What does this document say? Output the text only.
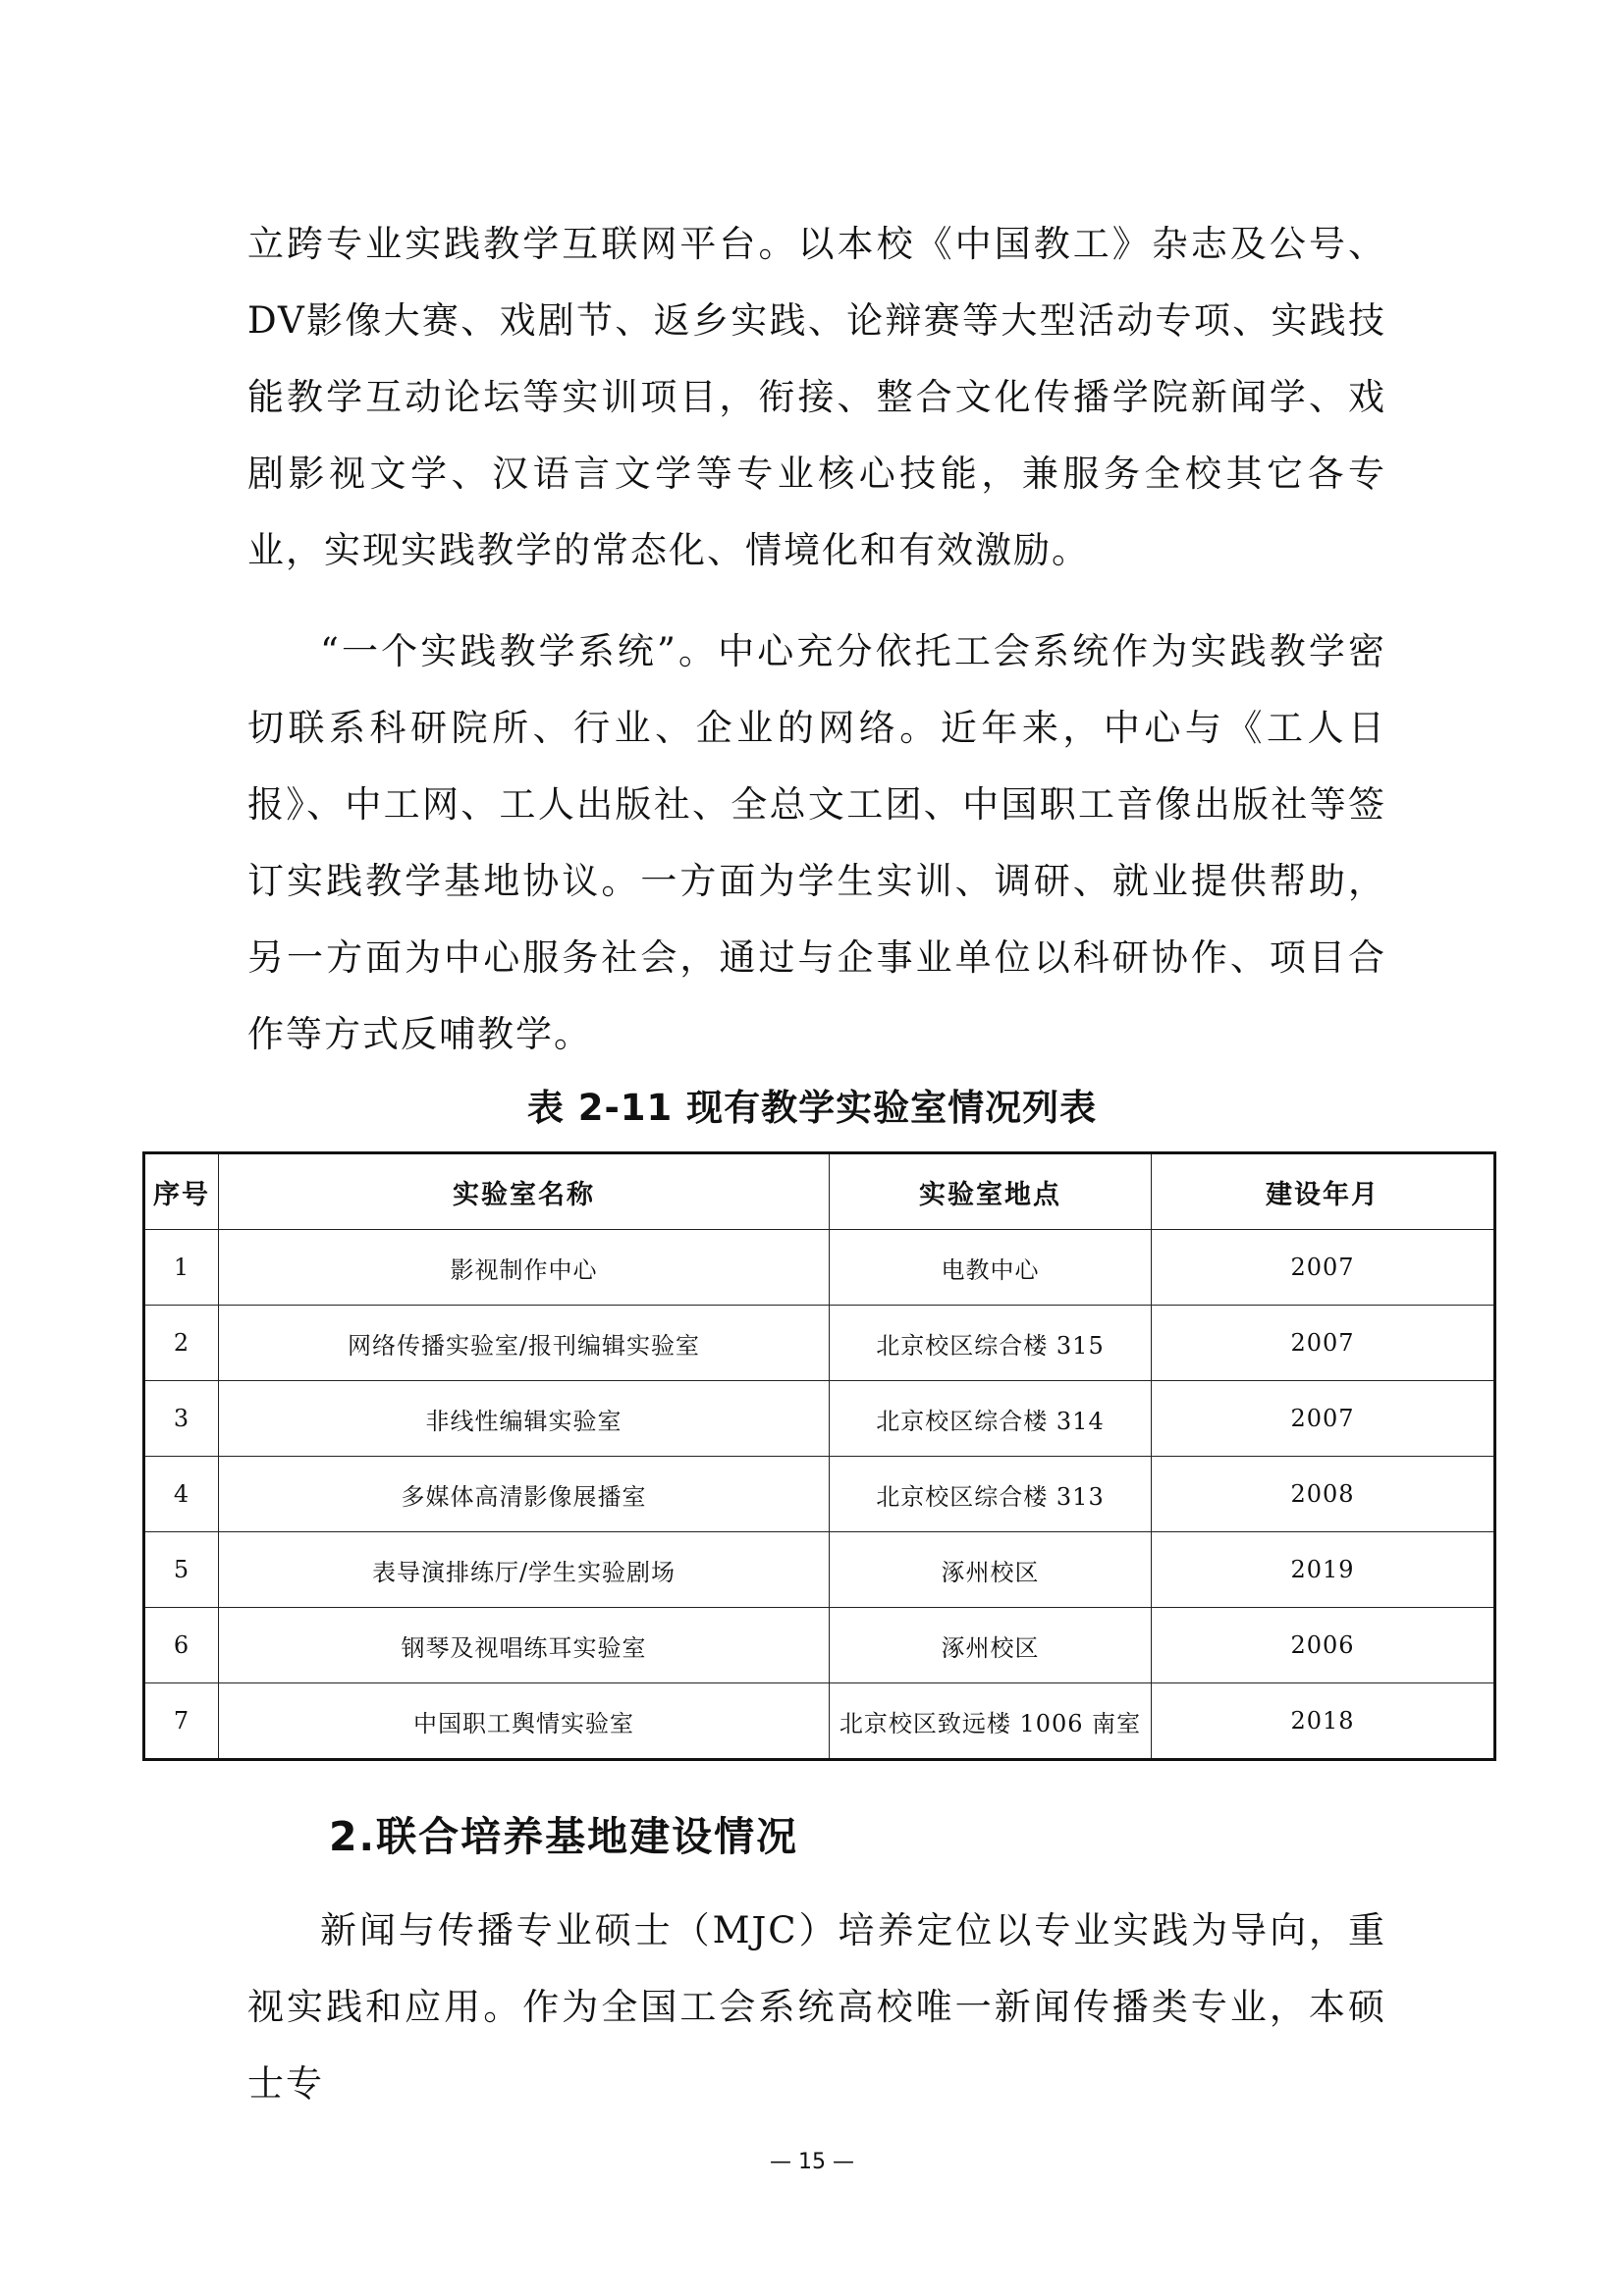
立跨专业实践教学互联网平台。以本校《中国教工》杂志及公号、DV影像大赛、戏剧节、返乡实践、论辩赛等大型活动专项、实践技能教学互动论坛等实训项目，衔接、整合文化传播学院新闻学、戏剧影视文学、汉语言文学等专业核心技能，兼服务全校其它各专业，实现实践教学的常态化、情境化和有效激励。

“一个实践教学系统”。中心充分依托工会系统作为实践教学密切联系科研院所、行业、企业的网络。近年来，中心与《工人日报》、中工网、工人出版社、全总文工团、中国职工音像出版社等签订实践教学基地协议。一方面为学生实训、调研、就业提供帮助，另一方面为中心服务社会，通过与企事业单位以科研协作、项目合作等方式反哺教学。

表 2-11 现有教学实验室情况列表

序号	实验室名称	实验室地点	建设年月
1	影视制作中心	电教中心	2007
2	网络传播实验室/报刊编辑实验室	北京校区综合楼 315	2007
3	非线性编辑实验室	北京校区综合楼 314	2007
4	多媒体高清影像展播室	北京校区综合楼 313	2008
5	表导演排练厅/学生实验剧场	涿州校区	2019
6	钢琴及视唱练耳实验室	涿州校区	2006
7	中国职工舆情实验室	北京校区致远楼 1006 南室	2018
2.联合培养基地建设情况

新闻与传播专业硕士（MJC）培养定位以专业实践为导向，重视实践和应用。作为全国工会系统高校唯一新闻传播类专业，本硕士专

— 15 —
